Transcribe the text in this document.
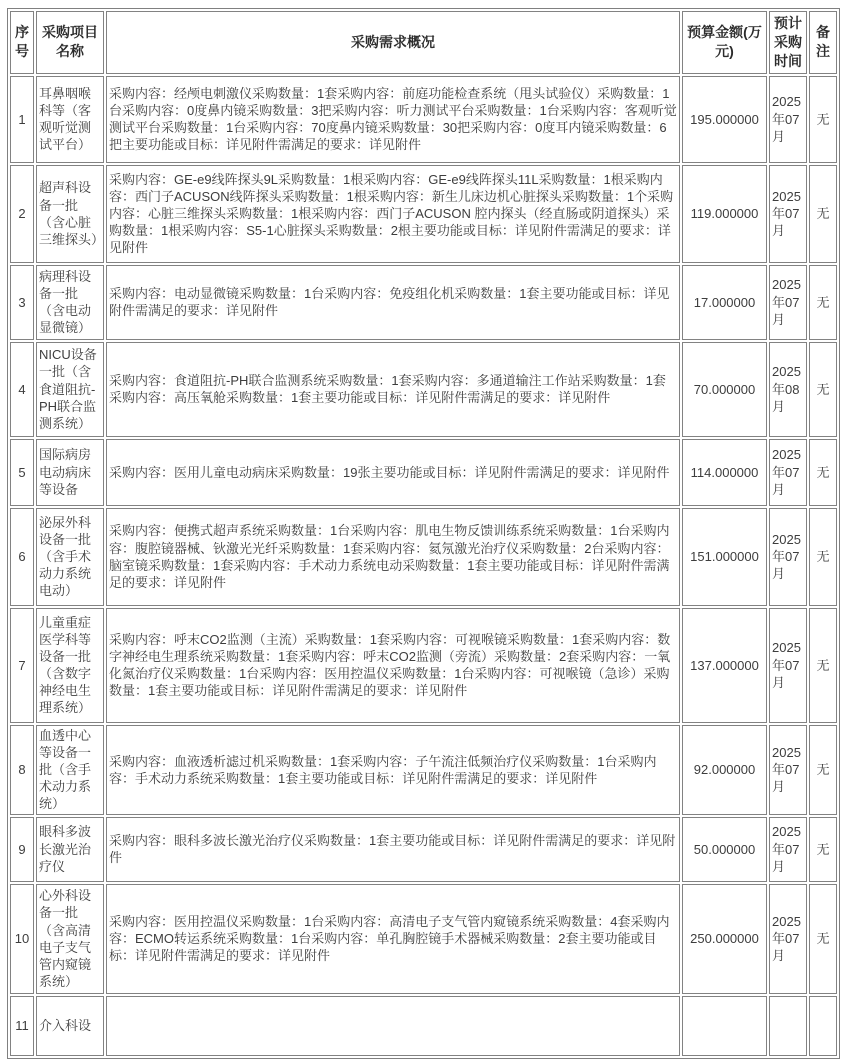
序号	采购项目名称	采购需求概况	预算金额(万元)	预计采购时间	备注
1	耳鼻咽喉科等（客观听觉测试平台）	采购内容：经颅电刺激仪采购数量：1套采购内容：前庭功能检查系统（甩头试验仪）采购数量：1台采购内容：0度鼻内镜采购数量：3把采购内容：听力测试平台采购数量：1台采购内容：客观听觉测试平台采购数量：1台采购内容：70度鼻内镜采购数量：30把采购内容：0度耳内镜采购数量：6把主要功能或目标：详见附件需满足的要求：详见附件	195.000000	2025年07月	无
2	超声科设备一批（含心脏三维探头）	采购内容：GE-e9线阵探头9L采购数量：1根采购内容：GE-e9线阵探头11L采购数量：1根采购内容：西门子ACUSON线阵探头采购数量：1根采购内容：新生儿床边机心脏探头采购数量：1个采购内容：心脏三维探头采购数量：1根采购内容：西门子ACUSON 腔内探头（经直肠或阴道探头）采购数量：1根采购内容：S5-1心脏探头采购数量：2根主要功能或目标：详见附件需满足的要求：详见附件	119.000000	2025年07月	无
3	病理科设备一批（含电动显微镜）	采购内容：电动显微镜采购数量：1台采购内容：免疫组化机采购数量：1套主要功能或目标：详见附件需满足的要求：详见附件	17.000000	2025年07月	无
4	NICU设备一批（含食道阻抗-PH联合监测系统）	采购内容：食道阻抗-PH联合监测系统采购数量：1套采购内容：多通道输注工作站采购数量：1套采购内容：高压氧舱采购数量：1套主要功能或目标：详见附件需满足的要求：详见附件	70.000000	2025年08月	无
5	国际病房电动病床等设备	采购内容：医用儿童电动病床采购数量：19张主要功能或目标：详见附件需满足的要求：详见附件	114.000000	2025年07月	无
6	泌尿外科设备一批（含手术动力系统电动）	采购内容：便携式超声系统采购数量：1台采购内容：肌电生物反馈训练系统采购数量：1台采购内容：腹腔镜器械、钬激光光纤采购数量：1套采购内容：氦氖激光治疗仪采购数量：2台采购内容：脑室镜采购数量：1套采购内容：手术动力系统电动采购数量：1套主要功能或目标：详见附件需满足的要求：详见附件	151.000000	2025年07月	无
7	儿童重症医学科等设备一批（含数字神经电生理系统）	采购内容：呼末CO2监测（主流）采购数量：1套采购内容：可视喉镜采购数量：1套采购内容：数字神经电生理系统采购数量：1套采购内容：呼末CO2监测（旁流）采购数量：2套采购内容：一氧化氮治疗仪采购数量：1台采购内容：医用控温仪采购数量：1台采购内容：可视喉镜（急诊）采购数量：1套主要功能或目标：详见附件需满足的要求：详见附件	137.000000	2025年07月	无
8	血透中心等设备一批（含手术动力系统）	采购内容：血液透析滤过机采购数量：1套采购内容：子午流注低频治疗仪采购数量：1台采购内容：手术动力系统采购数量：1套主要功能或目标：详见附件需满足的要求：详见附件	92.000000	2025年07月	无
9	眼科多波长激光治疗仪	采购内容：眼科多波长激光治疗仪采购数量：1套主要功能或目标：详见附件需满足的要求：详见附件	50.000000	2025年07月	无
10	心外科设备一批（含高清电子支气管内窥镜系统）	采购内容：医用控温仪采购数量：1台采购内容：高清电子支气管内窥镜系统采购数量：4套采购内容：ECMO转运系统采购数量：1台采购内容：单孔胸腔镜手术器械采购数量：2套主要功能或目标：详见附件需满足的要求：详见附件	250.000000	2025年07月	无
11	介入科设				
